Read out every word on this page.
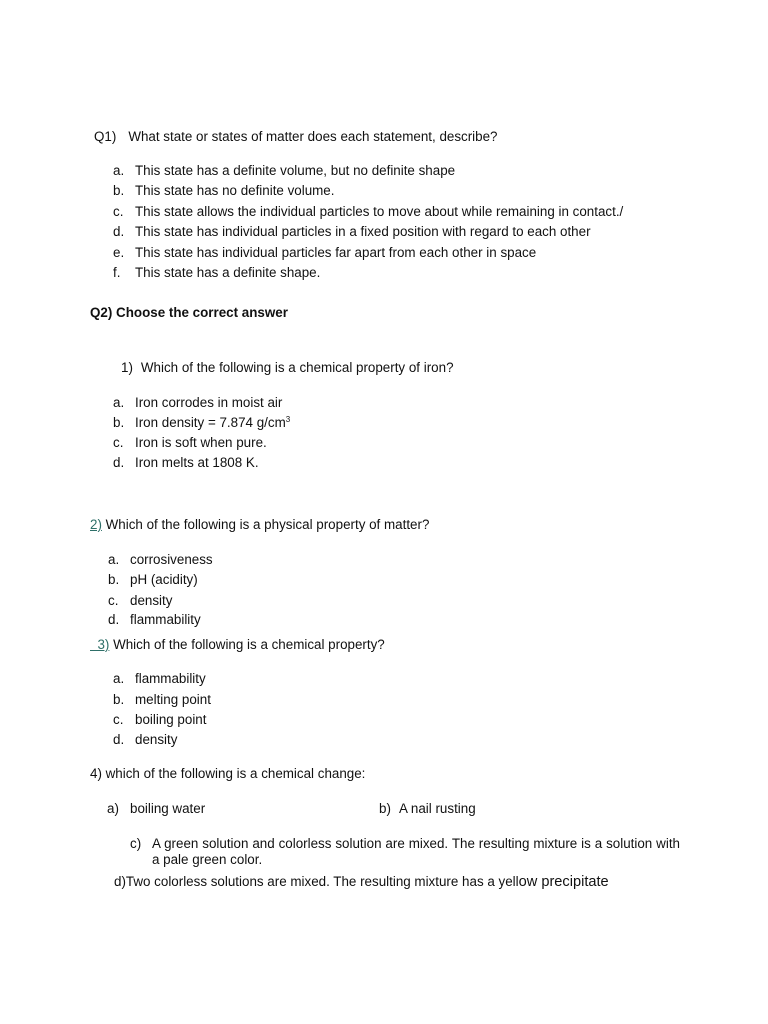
Q1) What state or states of matter does each statement, describe?
a. This state has a definite volume, but no definite shape
b. This state has no definite volume.
c. This state allows the individual particles to move about while remaining in contact./
d. This state has individual particles in a fixed position with regard to each other
e. This state has individual particles far apart from each other in space
f. This state has a definite shape.
Q2) Choose the correct answer
1) Which of the following is a chemical property of iron?
a. Iron corrodes in moist air
b. Iron density = 7.874 $g/cm^3$
c. Iron is soft when pure.
d. Iron melts at 1808 K.
2) Which of the following is a physical property of matter?
a. corrosiveness
b. pH (acidity)
c. density
d. flammability
3) Which of the following is a chemical property?
a. flammability
b. melting point
c. boiling point
d. density
4) which of the following is a chemical change:
a) boiling water	b) A nail rusting
c) A green solution and colorless solution are mixed. The resulting mixture is a solution with a pale green color.
d)Two colorless solutions are mixed. The resulting mixture has a yellow precipitate
